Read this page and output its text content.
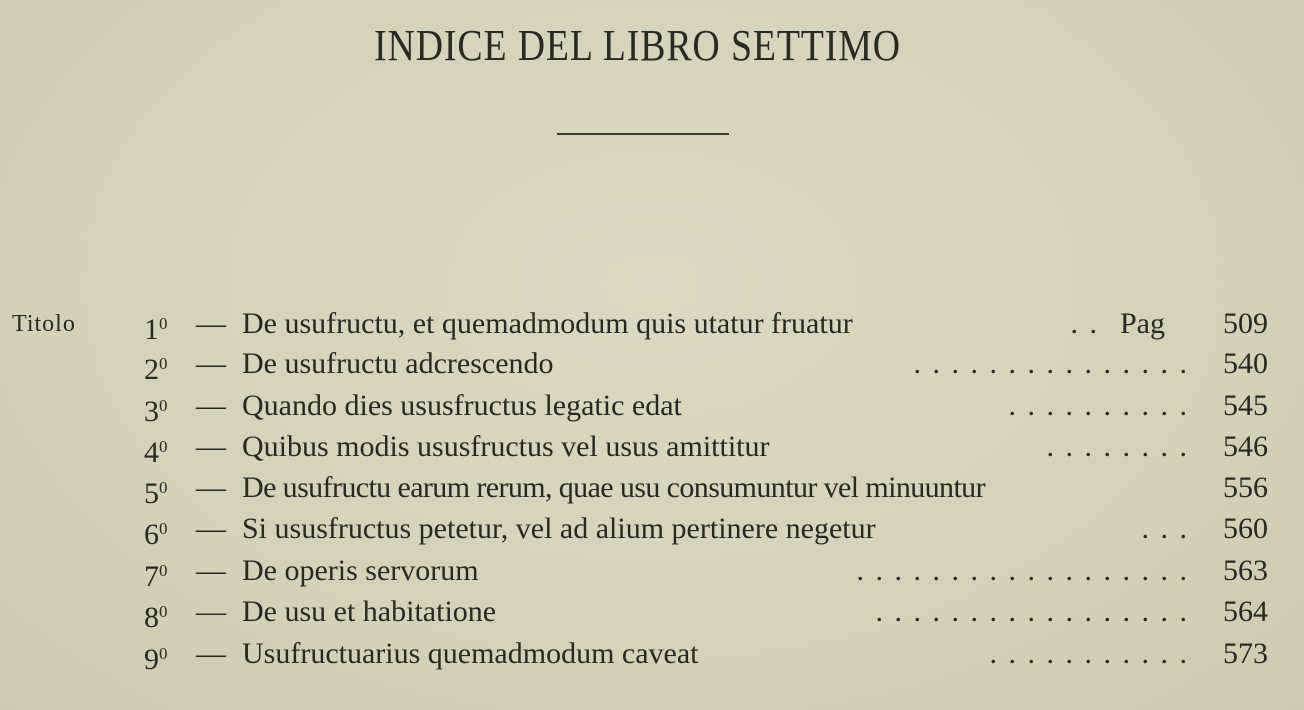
INDICE DEL LIBRO SETTIMO
Titolo $1^0$ — De usufructu, et quemadmodum quis utatur fruatur	. . Pag 509
$2^0$ — De usufructu adcrescendo	. . . . . . . . . . . . . . . 540
$3^0$ — Quando dies ususfructus legatic edat	. . . . . . . . . . 545
$4^0$ — Quibus modis ususfructus vel usus amittitur	. . . . . . . . 546
$5^0$ — De usufructu earum rerum, quae usu consumuntur vel minuuntur	556
$6^0$ — Si ususfructus petetur, vel ad alium pertinere negetur	. . . 560
$7^0$ — De operis servorum	. . . . . . . . . . . . . . . . . . 563
$8^0$ — De usu et habitatione	. . . . . . . . . . . . . . . . . 564
$9^0$ — Usufructuarius quemadmodum caveat	. . . . . . . . . . . 573
